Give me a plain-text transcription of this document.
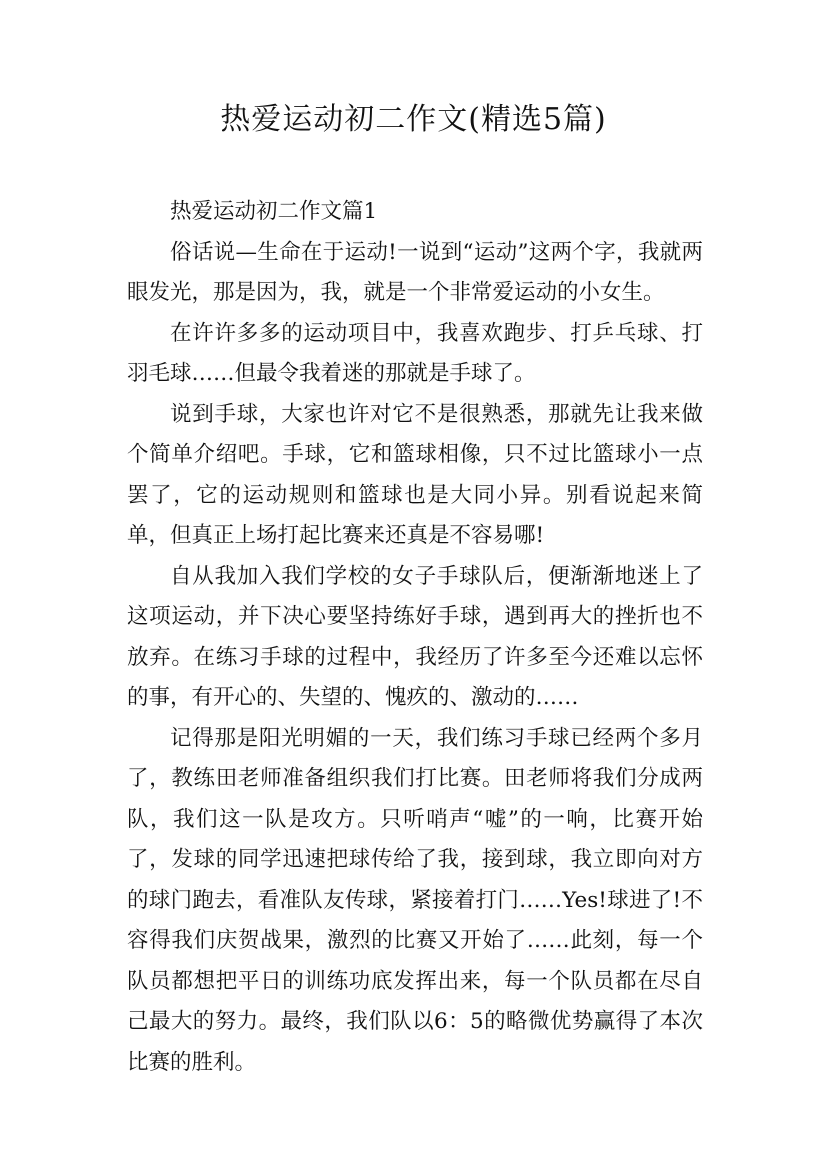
热爱运动初二作文(精选5篇)

热爱运动初二作文篇1

俗话说—生命在于运动!一说到“运动”这两个字，我就两眼发光，那是因为，我，就是一个非常爱运动的小女生。

在许许多多的运动项目中，我喜欢跑步、打乒乓球、打羽毛球……但最令我着迷的那就是手球了。

说到手球，大家也许对它不是很熟悉，那就先让我来做个简单介绍吧。手球，它和篮球相像，只不过比篮球小一点罢了，它的运动规则和篮球也是大同小异。别看说起来简单，但真正上场打起比赛来还真是不容易哪!

自从我加入我们学校的女子手球队后，便渐渐地迷上了这项运动，并下决心要坚持练好手球，遇到再大的挫折也不放弃。在练习手球的过程中，我经历了许多至今还难以忘怀的事，有开心的、失望的、愧疚的、激动的……

记得那是阳光明媚的一天，我们练习手球已经两个多月了，教练田老师准备组织我们打比赛。田老师将我们分成两队，我们这一队是攻方。只听哨声“嘘”的一响，比赛开始了，发球的同学迅速把球传给了我，接到球，我立即向对方的球门跑去，看准队友传球，紧接着打门……Yes!球进了!不容得我们庆贺战果，激烈的比赛又开始了……此刻，每一个队员都想把平日的训练功底发挥出来，每一个队员都在尽自己最大的努力。最终，我们队以6：5的略微优势赢得了本次比赛的胜利。
